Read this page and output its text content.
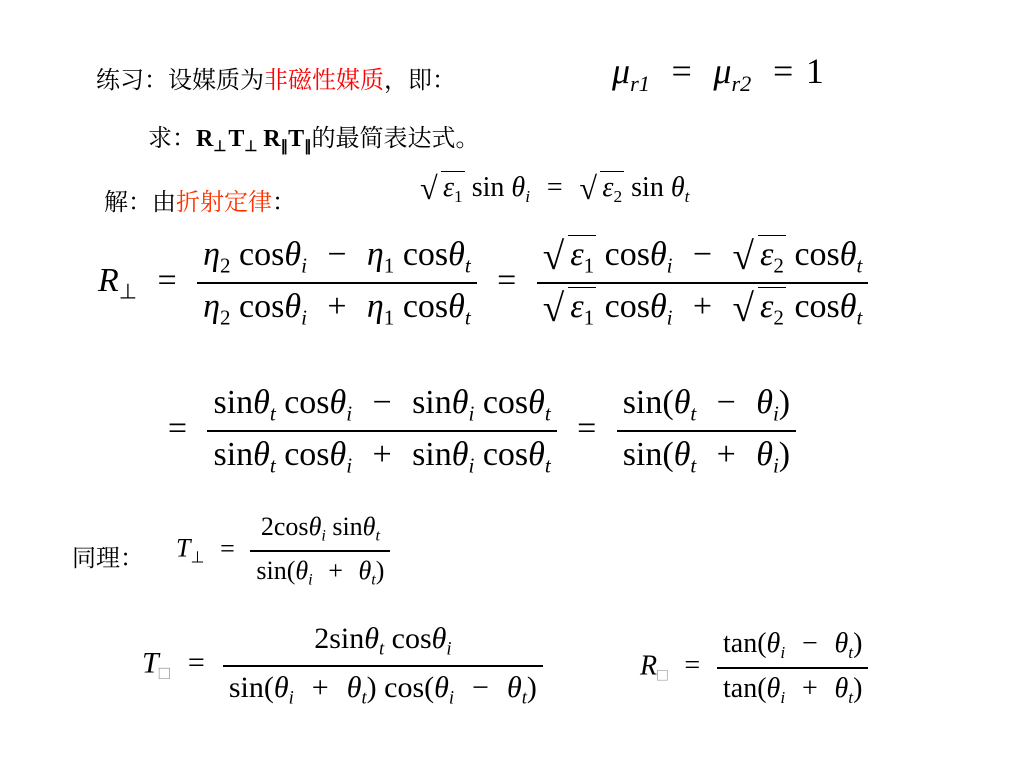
练习：设媒质为非磁性媒质，即：	$\mu_{r1} = \mu_{r2} = 1$
求：$R_\perp T_\perp$ $R_\parallel T_\parallel$的最简表达式。
解：由折射定律：	√ $\varepsilon_1$ $\sin \theta_i$ = √ $\varepsilon_2$ $\sin \theta_t$
$R_\perp = \frac{\eta_2 \cos\theta_i - \eta_1 \cos\theta_t}{\eta_2 \cos\theta_i + \eta_1 \cos\theta_t} = \frac{√ \varepsilon_1 \cos\theta_i - √ \varepsilon_2 \cos\theta_t}{√ \varepsilon_1 \cos\theta_i + √ \varepsilon_2 \cos\theta_t}$
= $\frac{\sin\theta_t \cos\theta_i - \sin\theta_i \cos\theta_t}{\sin\theta_t \cos\theta_i + \sin\theta_i \cos\theta_t} = \frac{\sin(\theta_t - \theta_i)}{\sin(\theta_t + \theta_i)}$
同理： $T_\perp = \frac{2\cos\theta_i \sin\theta_t}{\sin(\theta_i + \theta_t)}$
$T_□ = \frac{2\sin\theta_t \cos\theta_i}{\sin(\theta_i + \theta_t) \cos(\theta_i - \theta_t)}$	$R_□ = \frac{\tan(\theta_i - \theta_t)}{\tan(\theta_i + \theta_t)}$
